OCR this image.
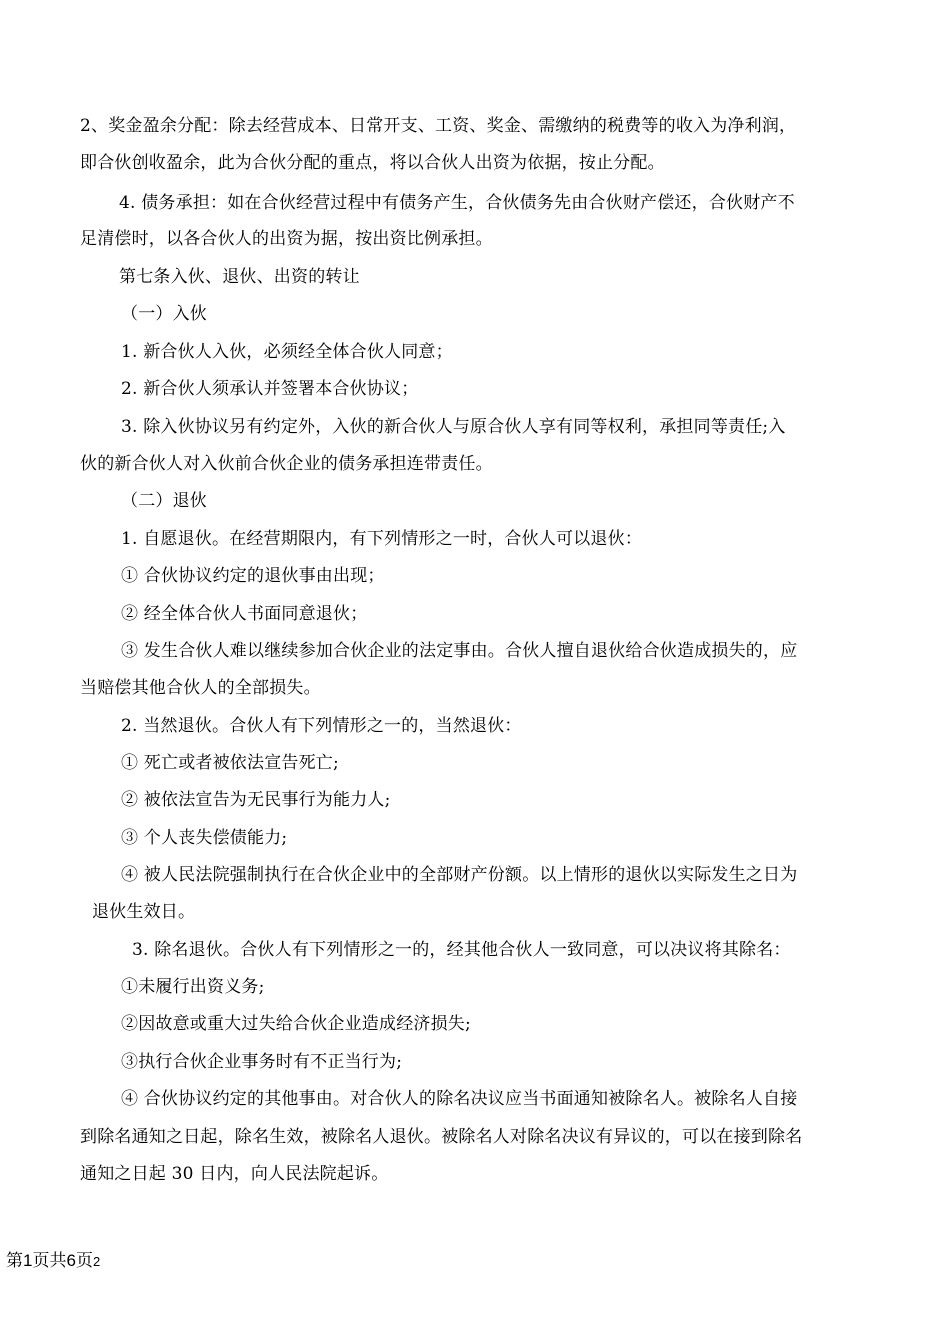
2、奖金盈余分配：除去经营成本、日常开支、工资、奖金、需缴纳的税费等的收入为净利润，
即合伙创收盈余，此为合伙分配的重点，将以合伙人出资为依据，按止分配。
4. 债务承担：如在合伙经营过程中有债务产生，合伙债务先由合伙财产偿还，合伙财产不
足清偿时，以各合伙人的出资为据，按出资比例承担。
第七条入伙、退伙、出资的转让
（一）入伙
1. 新合伙人入伙，必须经全体合伙人同意；
2. 新合伙人须承认并签署本合伙协议；
3. 除入伙协议另有约定外，入伙的新合伙人与原合伙人享有同等权利，承担同等责任;入
伙的新合伙人对入伙前合伙企业的债务承担连带责任。
（二）退伙
1. 自愿退伙。在经营期限内，有下列情形之一时，合伙人可以退伙：
① 合伙协议约定的退伙事由出现；
② 经全体合伙人书面同意退伙；
③ 发生合伙人难以继续参加合伙企业的法定事由。合伙人擅自退伙给合伙造成损失的，应
当赔偿其他合伙人的全部损失。
2. 当然退伙。合伙人有下列情形之一的，当然退伙：
① 死亡或者被依法宣告死亡;
② 被依法宣告为无民事行为能力人;
③ 个人丧失偿债能力;
④ 被人民法院强制执行在合伙企业中的全部财产份额。以上情形的退伙以实际发生之日为
退伙生效日。
3. 除名退伙。合伙人有下列情形之一的，经其他合伙人一致同意，可以决议将其除名：
①未履行出资义务;
②因故意或重大过失给合伙企业造成经济损失;
③执行合伙企业事务时有不正当行为;
④ 合伙协议约定的其他事由。对合伙人的除名决议应当书面通知被除名人。被除名人自接
到除名通知之日起，除名生效，被除名人退伙。被除名人对除名决议有异议的，可以在接到除名
通知之日起 30 日内，向人民法院起诉。
第1页共6页2
